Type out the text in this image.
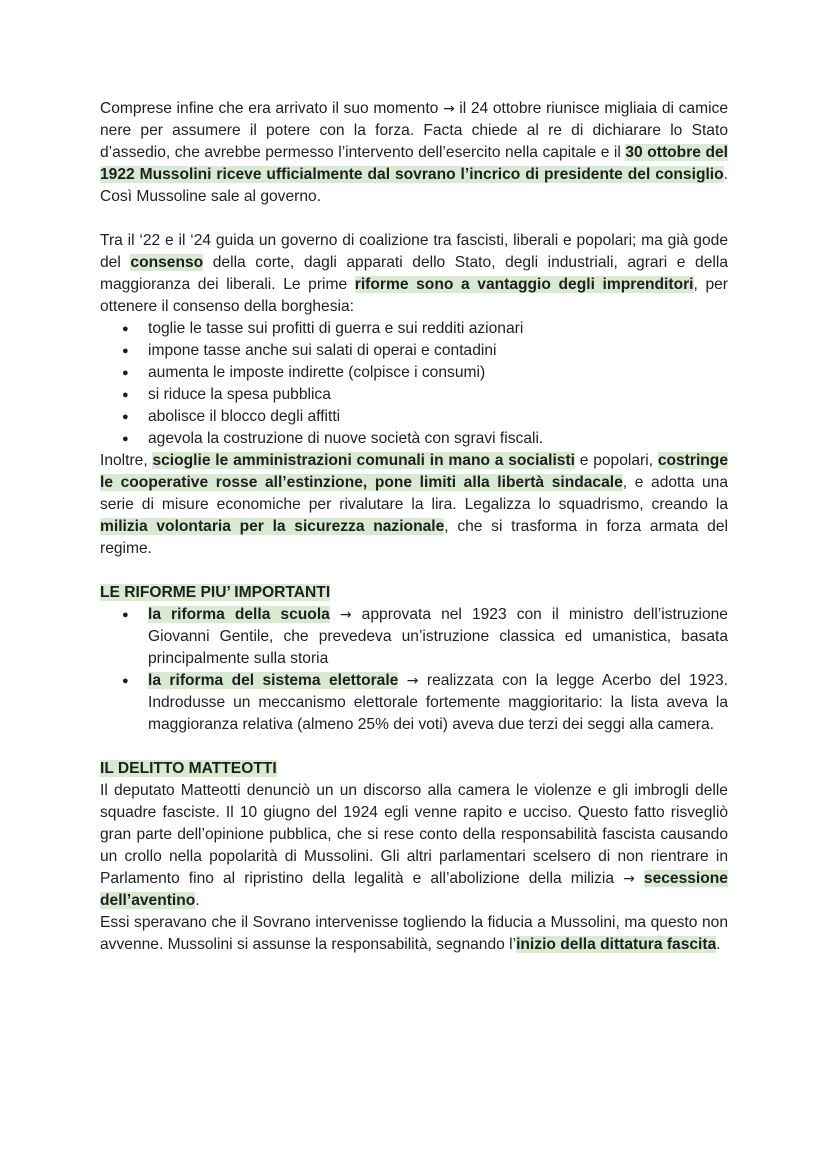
Comprese infine che era arrivato il suo momento → il 24 ottobre riunisce migliaia di camice nere per assumere il potere con la forza. Facta chiede al re di dichiarare lo Stato d’assedio, che avrebbe permesso l’intervento dell’esercito nella capitale e il 30 ottobre del 1922 Mussolini riceve ufficialmente dal sovrano l’incrico di presidente del consiglio. Così Mussoline sale al governo.

Tra il ‘22 e il ‘24 guida un governo di coalizione tra fascisti, liberali e popolari; ma già gode del consenso della corte, dagli apparati dello Stato, degli industriali, agrari e della maggioranza dei liberali. Le prime riforme sono a vantaggio degli imprenditori, per ottenere il consenso della borghesia:

● toglie le tasse sui profitti di guerra e sui redditi azionari
● impone tasse anche sui salati di operai e contadini
● aumenta le imposte indirette (colpisce i consumi)
● si riduce la spesa pubblica
● abolisce il blocco degli affitti
● agevola la costruzione di nuove società con sgravi fiscali.

Inoltre, scioglie le amministrazioni comunali in mano a socialisti e popolari, costringe le cooperative rosse all’estinzione, pone limiti alla libertà sindacale, e adotta una serie di misure economiche per rivalutare la lira. Legalizza lo squadrismo, creando la milizia volontaria per la sicurezza nazionale, che si trasforma in forza armata del regime.

LE RIFORME PIU’ IMPORTANTI

● la riforma della scuola → approvata nel 1923 con il ministro dell’istruzione Giovanni Gentile, che prevedeva un’istruzione classica ed umanistica, basata principalmente sulla storia
● la riforma del sistema elettorale → realizzata con la legge Acerbo del 1923. Indrodusse un meccanismo elettorale fortemente maggioritario: la lista aveva la maggioranza relativa (almeno 25% dei voti) aveva due terzi dei seggi alla camera.

IL DELITTO MATTEOTTI

Il deputato Matteotti denunciò un un discorso alla camera le violenze e gli imbrogli delle squadre fasciste. Il 10 giugno del 1924 egli venne rapito e ucciso. Questo fatto risvegliò gran parte dell’opinione pubblica, che si rese conto della responsabilità fascista causando un crollo nella popolarità di Mussolini. Gli altri parlamentari scelsero di non rientrare in Parlamento fino al ripristino della legalità e all’abolizione della milizia → secessione dell’aventino.

Essi speravano che il Sovrano intervenisse togliendo la fiducia a Mussolini, ma questo non avvenne. Mussolini si assunse la responsabilità, segnando l’inizio della dittatura fascita.
